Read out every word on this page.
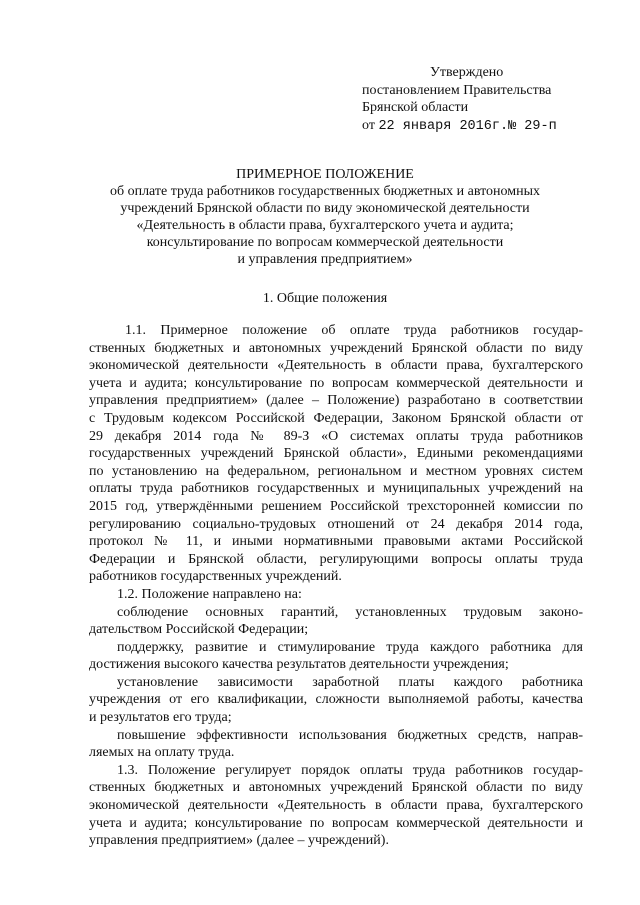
Утверждено
постановлением Правительства
Брянской области
от 22 января 2016г.№ 29-п
ПРИМЕРНОЕ ПОЛОЖЕНИЕ
об оплате труда работников государственных бюджетных и автономных
учреждений Брянской области по виду экономической деятельности
«Деятельность в области права, бухгалтерского учета и аудита;
консультирование по вопросам коммерческой деятельности
и управления предприятием»
1. Общие положения
1.1. Примерное положение об оплате труда работников государ-
ственных бюджетных и автономных учреждений Брянской области по виду
экономической деятельности «Деятельность в области права, бухгалтерского
учета и аудита; консультирование по вопросам коммерческой деятельности и
управления предприятием» (далее – Положение) разработано в соответствии
с Трудовым кодексом Российской Федерации, Законом Брянской области от
29 декабря 2014 года № 89-З «О системах оплаты труда работников
государственных учреждений Брянской области», Едиными рекомендациями
по установлению на федеральном, региональном и местном уровнях систем
оплаты труда работников государственных и муниципальных учреждений на
2015 год, утверждёнными решением Российской трехсторонней комиссии по
регулированию социально-трудовых отношений от 24 декабря 2014 года,
протокол № 11, и иными нормативными правовыми актами Российской
Федерации и Брянской области, регулирующими вопросы оплаты труда
работников государственных учреждений.
1.2. Положение направлено на:
соблюдение основных гарантий, установленных трудовым законо-
дательством Российской Федерации;
поддержку, развитие и стимулирование труда каждого работника для
достижения высокого качества результатов деятельности учреждения;
установление зависимости заработной платы каждого работника
учреждения от его квалификации, сложности выполняемой работы, качества
и результатов его труда;
повышение эффективности использования бюджетных средств, направ-
ляемых на оплату труда.
1.3. Положение регулирует порядок оплаты труда работников государ-
ственных бюджетных и автономных учреждений Брянской области по виду
экономической деятельности «Деятельность в области права, бухгалтерского
учета и аудита; консультирование по вопросам коммерческой деятельности и
управления предприятием» (далее – учреждений).
